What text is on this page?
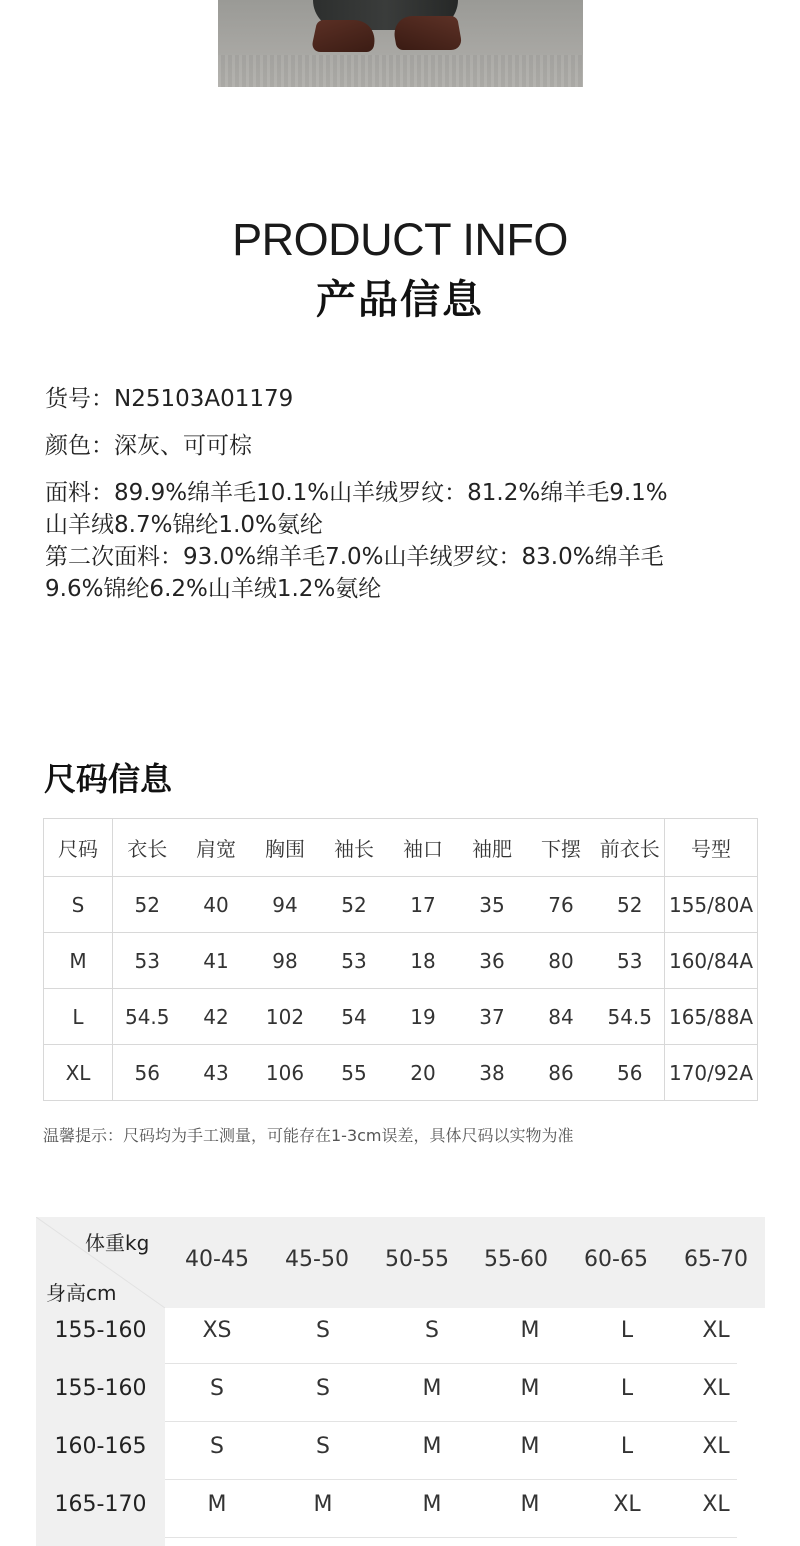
PRODUCT INFO
产品信息
货号：N25103A01179
颜色：深灰、可可棕
面料：89.9%绵羊毛10.1%山羊绒罗纹：81.2%绵羊毛9.1%
山羊绒8.7%锦纶1.0%氨纶
第二次面料：93.0%绵羊毛7.0%山羊绒罗纹：83.0%绵羊毛
9.6%锦纶6.2%山羊绒1.2%氨纶
尺码信息
尺码	衣长	肩宽	胸围	袖长	袖口	袖肥	下摆	前衣长	号型
S	52	40	94	52	17	35	76	52	155/80A
M	53	41	98	53	18	36	80	53	160/84A
L	54.5	42	102	54	19	37	84	54.5	165/88A
XL	56	43	106	55	20	38	86	56	170/92A
温馨提示：尺码均为手工测量，可能存在1-3cm误差，具体尺码以实物为准
体重kg
身高cm
40-45	45-50	50-55	55-60	60-65	65-70
155-160	XS	S	S	M	L	XL
155-160	S	S	M	M	L	XL
160-165	S	S	M	M	L	XL
165-170	M	M	M	M	XL	XL
